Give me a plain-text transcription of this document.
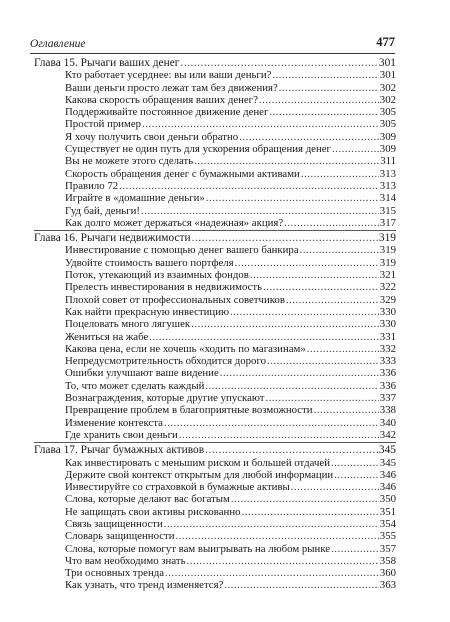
Оглавление	477
Глава 15. Рычаги ваших денег .....	301
Кто работает усерднее: вы или ваши деньги? .....	301
Ваши деньги просто лежат там без движения? .....	302
Какова скорость обращения ваших денег? .....	302
Поддерживайте постоянное движение денег .....	305
Простой пример .....	305
Я хочу получить свои деньги обратно .....	309
Существует не один путь для ускорения обращения денег .....	309
Вы не можете этого сделать .....	311
Скорость обращения денег с бумажными активами .....	313
Правило 72 .....	313
Играйте в «домашние деньги» .....	314
Гуд бай, деньги! .....	315
Как долго может держаться «надежная» акция? .....	317
Глава 16. Рычаги недвижимости .....	319
Инвестирование с помощью денег вашего банкира .....	319
Удвойте стоимость вашего портфеля .....	319
Поток, утекающий из взаимных фондов .....	321
Прелесть инвестирования в недвижимость .....	322
Плохой совет от профессиональных советчиков .....	329
Как найти прекрасную инвестицию .....	330
Поцеловать много лягушек .....	330
Жениться на жабе .....	331
Какова цена, если не хочешь «ходить по магазинам» .....	332
Непредусмотрительность обходится дорого .....	333
Ошибки улучшают ваше видение .....	336
То, что может сделать каждый .....	336
Вознаграждения, которые другие упускают .....	337
Превращение проблем в благоприятные возможности .....	338
Изменение контекста .....	340
Где хранить свои деньги .....	342
Глава 17. Рычаг бумажных активов .....	345
Как инвестировать с меньшим риском и большей отдачей .....	345
Держите свой контекст открытым для любой информации .....	346
Инвестируйте со страховкой в бумажные активы .....	346
Слова, которые делают вас богатым .....	350
Не защищать свои активы рискованно .....	351
Связь защищенности .....	354
Словарь защищенности .....	355
Слова, которые помогут вам выигрывать на любом рынке .....	357
Что вам необходимо знать .....	358
Три основных тренда .....	360
Как узнать, что тренд изменяется? .....	363
